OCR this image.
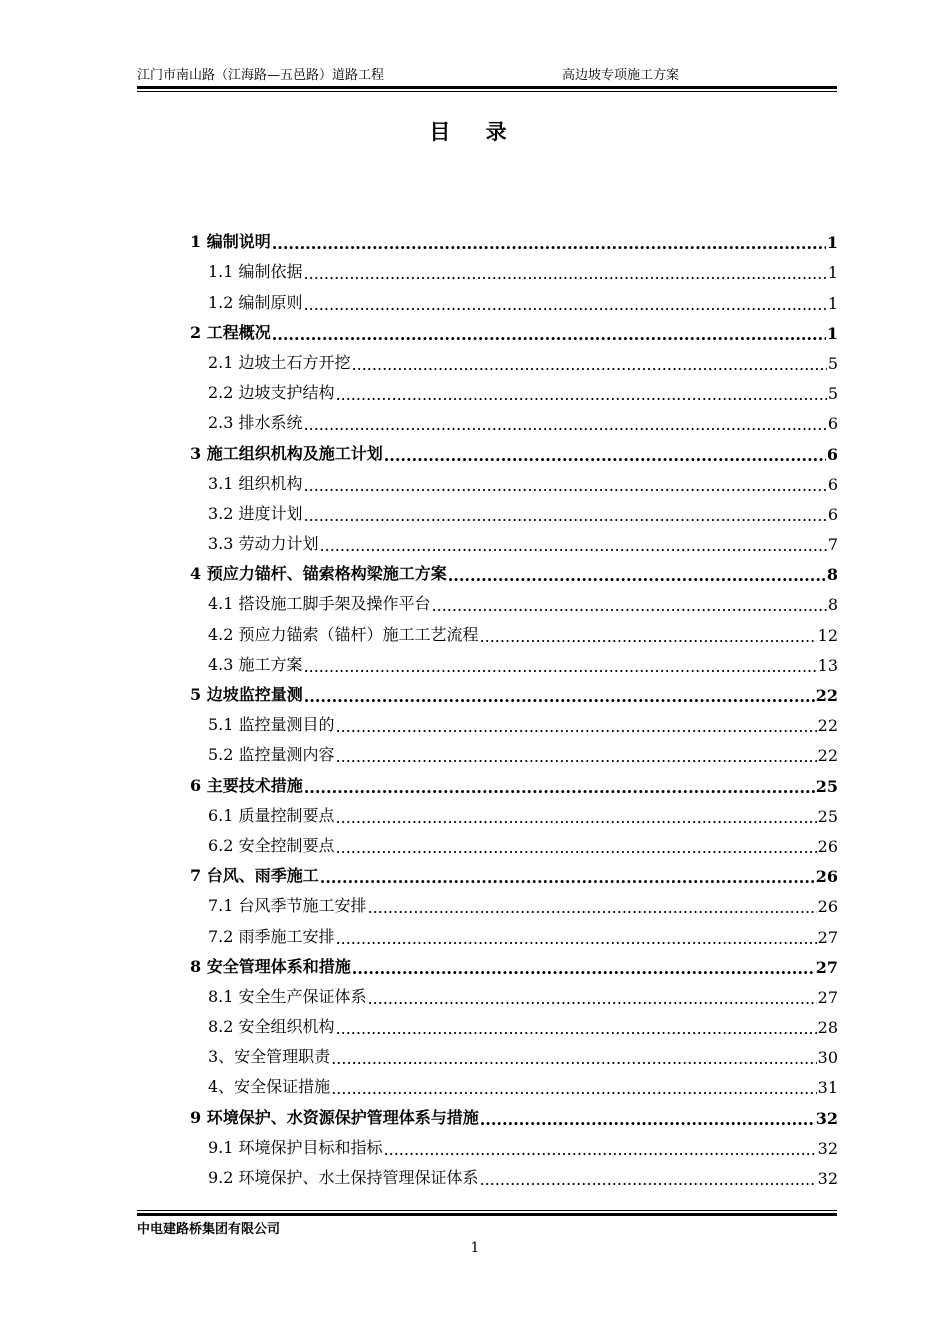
江门市南山路（江海路—五邑路）道路工程	高边坡专项施工方案
目 录
1 编制说明 .....	1
1.1 编制依据 .....	1
1.2 编制原则 .....	1
2 工程概况 .....	1
2.1 边坡土石方开挖 .....	5
2.2 边坡支护结构 .....	5
2.3 排水系统 .....	6
3 施工组织机构及施工计划 .....	6
3.1 组织机构 .....	6
3.2 进度计划 .....	6
3.3 劳动力计划 .....	7
4 预应力锚杆、锚索格构梁施工方案 .....	8
4.1 搭设施工脚手架及操作平台 .....	8
4.2 预应力锚索（锚杆）施工工艺流程 .....	12
4.3 施工方案 .....	13
5 边坡监控量测 .....	22
5.1 监控量测目的 .....	22
5.2 监控量测内容 .....	22
6 主要技术措施 .....	25
6.1 质量控制要点 .....	25
6.2 安全控制要点 .....	26
7 台风、雨季施工 .....	26
7.1 台风季节施工安排 .....	26
7.2 雨季施工安排 .....	27
8 安全管理体系和措施 .....	27
8.1 安全生产保证体系 .....	27
8.2 安全组织机构 .....	28
3、安全管理职责 .....	30
4、安全保证措施 .....	31
9 环境保护、水资源保护管理体系与措施 .....	32
9.1 环境保护目标和指标 .....	32
9.2 环境保护、水土保持管理保证体系 .....	32
中电建路桥集团有限公司
1
